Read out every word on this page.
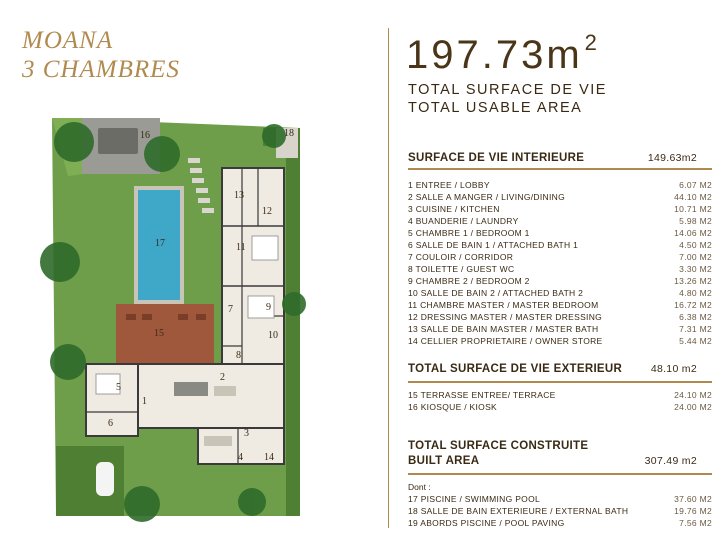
MOANA
3 CHAMBRES
16	18
17
13
12
11
9
7
10
15
8
2
5
1
6
3
4 14
$197.73m^2$
TOTAL SURFACE DE VIE
TOTAL USABLE AREA
SURFACE DE VIE INTERIEURE	149.63m2
1 ENTREE / LOBBY	6.07 M2
2 SALLE A MANGER / LIVING/DINING	44.10 M2
3 CUISINE / KITCHEN	10.71 M2
4 BUANDERIE / LAUNDRY	5.98 M2
5 CHAMBRE 1 / BEDROOM 1	14.06 M2
6 SALLE DE BAIN 1 / ATTACHED BATH 1	4.50 M2
7 COULOIR / CORRIDOR	7.00 M2
8 TOILETTE / GUEST WC	3.30 M2
9 CHAMBRE 2 / BEDROOM 2	13.26 M2
10 SALLE DE BAIN 2 / ATTACHED BATH 2	4.80 M2
11 CHAMBRE MASTER / MASTER BEDROOM	16.72 M2
12 DRESSING MASTER / MASTER DRESSING	6.38 M2
13 SALLE DE BAIN MASTER / MASTER BATH	7.31 M2
14 CELLIER PROPRIETAIRE / OWNER STORE	5.44 M2
TOTAL SURFACE DE VIE EXTERIEUR	48.10 m2
15 TERRASSE ENTREE/ TERRACE	24.10 M2
16 KIOSQUE / KIOSK	24.00 M2
TOTAL SURFACE CONSTRUITE
BUILT AREA	307.49 m2
Dont :
17 PISCINE / SWIMMING POOL	37.60 M2
18 SALLE DE BAIN EXTERIEURE / EXTERNAL BATH	19.76 M2
19 ABORDS PISCINE / POOL PAVING	7.56 M2
